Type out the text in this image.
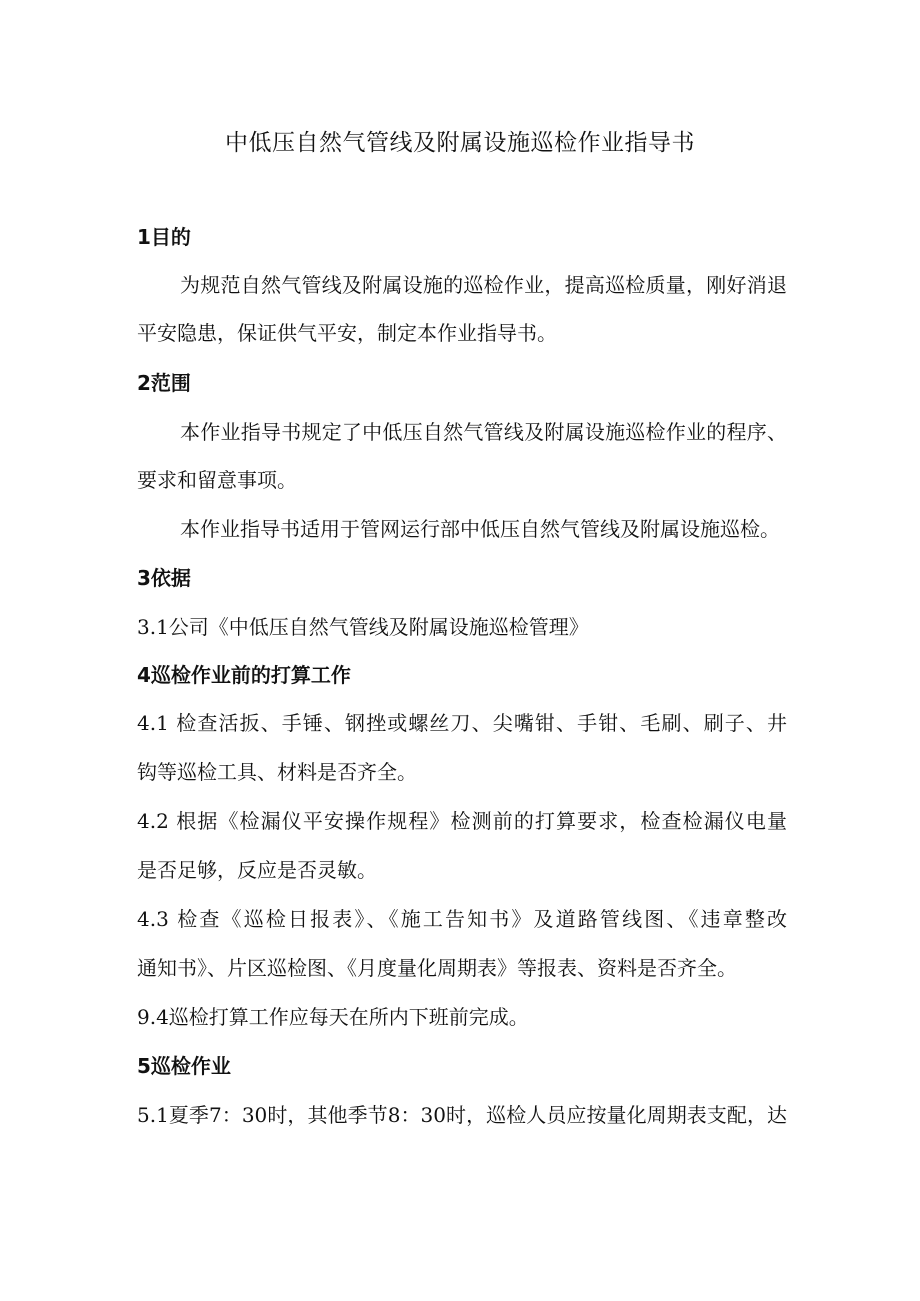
中低压自然气管线及附属设施巡检作业指导书

1目的

为规范自然气管线及附属设施的巡检作业，提高巡检质量，刚好消退

平安隐患，保证供气平安，制定本作业指导书。

2范围

本作业指导书规定了中低压自然气管线及附属设施巡检作业的程序、

要求和留意事项。

本作业指导书适用于管网运行部中低压自然气管线及附属设施巡检。

3依据

3.1公司《中低压自然气管线及附属设施巡检管理》

4巡检作业前的打算工作

4.1 检查活扳、手锤、钢挫或螺丝刀、尖嘴钳、手钳、毛刷、刷子、井

钩等巡检工具、材料是否齐全。

4.2 根据《检漏仪平安操作规程》检测前的打算要求，检查检漏仪电量

是否足够，反应是否灵敏。

4.3 检查《巡检日报表》、《施工告知书》及道路管线图、《违章整改

通知书》、片区巡检图、《月度量化周期表》等报表、资料是否齐全。

9.4巡检打算工作应每天在所内下班前完成。

5巡检作业

5.1夏季7：30时，其他季节8：30时，巡检人员应按量化周期表支配，达
